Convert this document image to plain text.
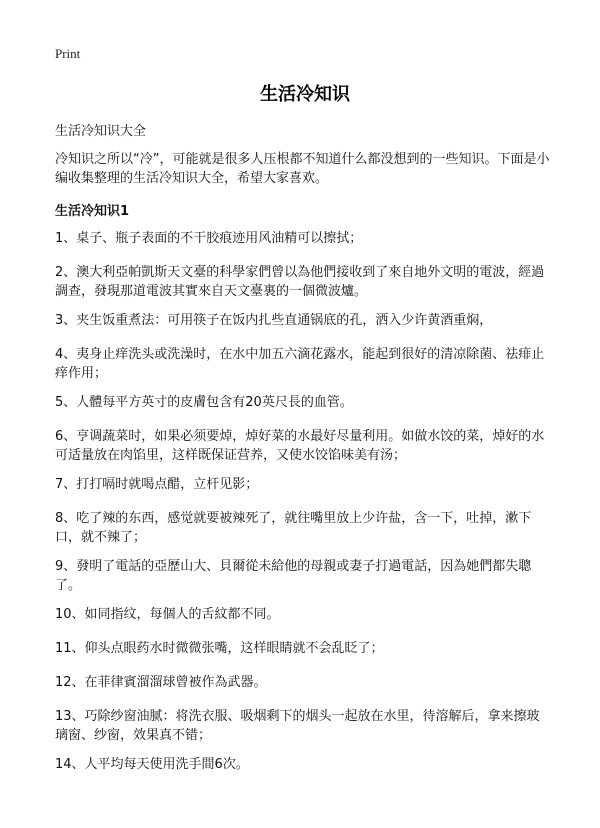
Print
生活冷知识
生活冷知识大全
冷知识之所以“冷”，可能就是很多人压根都不知道什么都没想到的一些知识。下面是小编收集整理的生活冷知识大全，希望大家喜欢。
生活冷知识1
1、桌子、瓶子表面的不干胶痕迹用风油精可以擦拭；
2、澳大利亞帕凱斯天文臺的科學家們曾以為他們接收到了來自地外文明的電波，經過調查，發現那道電波其實來自天文臺裏的一個微波爐。
3、夹生饭重煮法：可用筷子在饭内扎些直通锅底的孔，洒入少许黄酒重焖，
4、夷身止痒洗头或洗澡时，在水中加五六滴花露水，能起到很好的清凉除菌、祛痱止痒作用；
5、人體每平方英寸的皮膚包含有20英尺長的血管。
6、亨调蔬菜时，如果必须要焯，焯好菜的水最好尽量利用。如做水饺的菜，焯好的水可适量放在肉馅里，这样既保证营养，又使水饺馅味美有汤；
7、打打嗝时就喝点醋，立杆见影；
8、吃了辣的东西，感觉就要被辣死了，就往嘴里放上少许盐，含一下，吐掉，漱下口，就不辣了；
9、發明了電話的亞歷山大、貝爾從未給他的母親或妻子打過電話，因為她們都失聰了。
10、如同指纹，每個人的舌紋都不同。
11、仰头点眼药水时微微张嘴，这样眼睛就不会乱眨了；
12、在菲律賓溜溜球曾被作為武器。
13、巧除纱窗油腻：将洗衣服、吸烟剩下的烟头一起放在水里，待溶解后，拿来擦玻璃窗、纱窗，效果真不错；
14、人平均每天使用洗手間6次。
